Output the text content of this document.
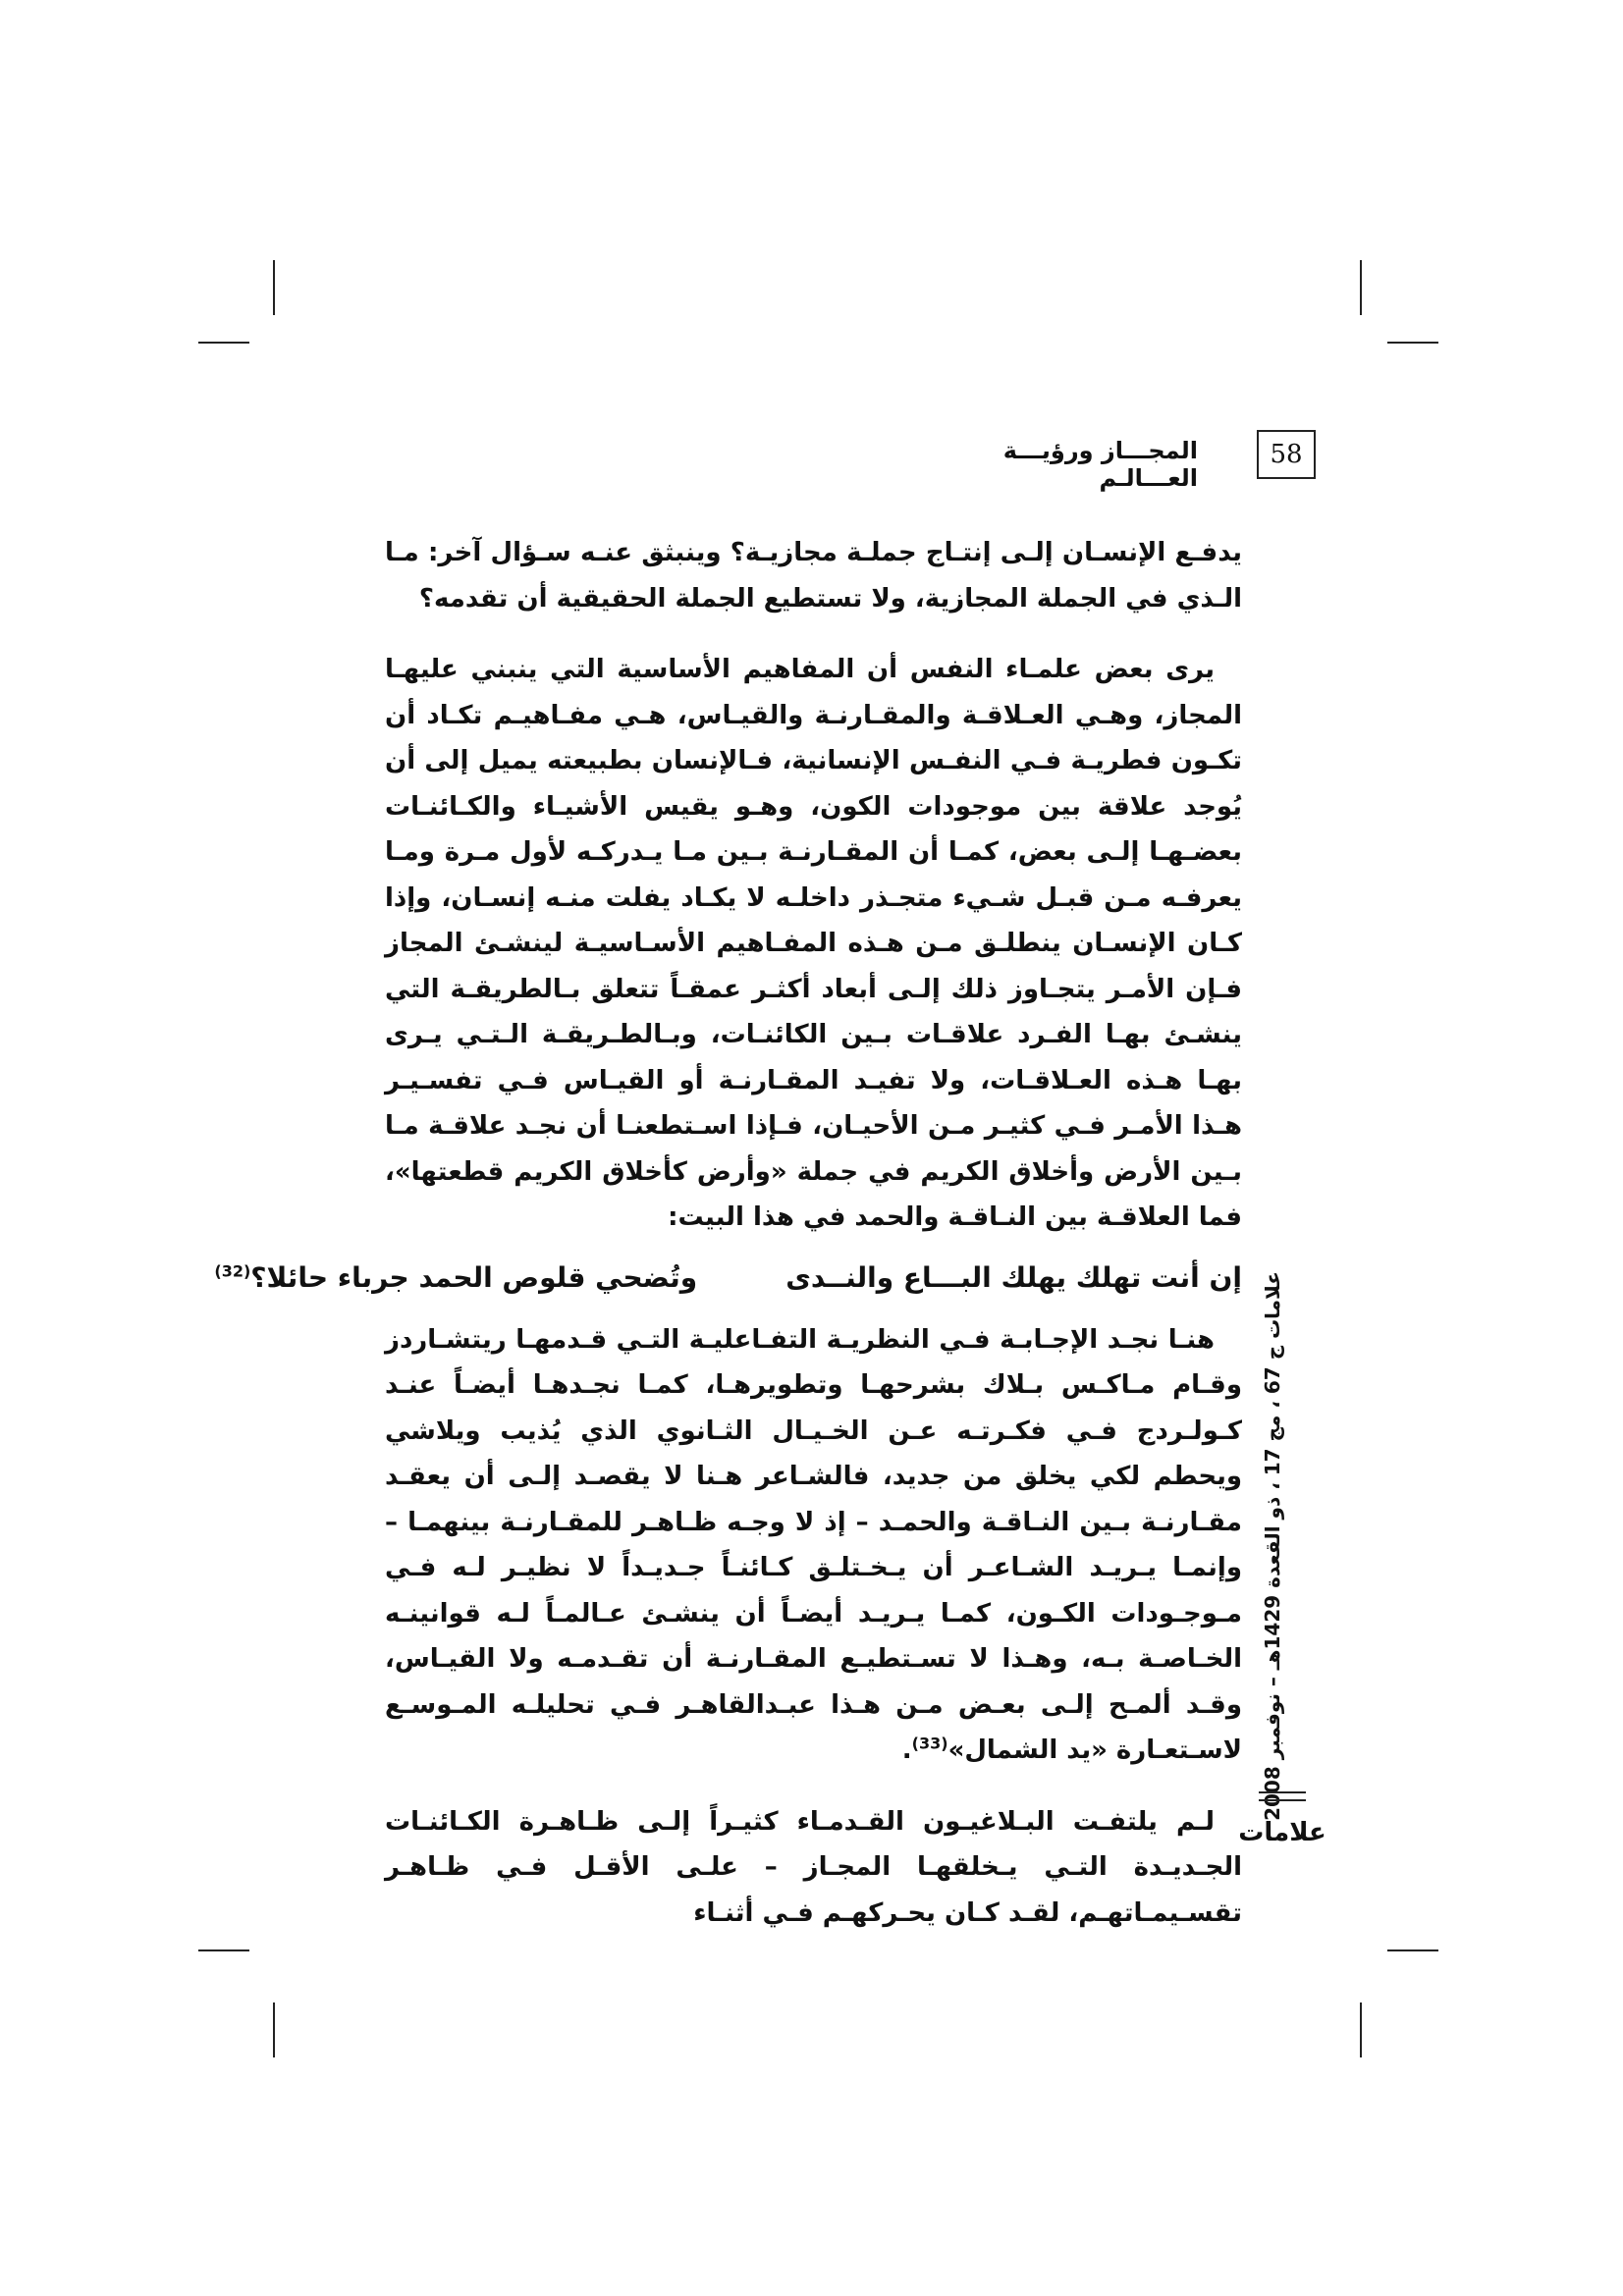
المجـــاز ورؤيـــة العـــالـم
58

يدفـع الإنسـان إلـى إنتـاج جملـة مجازيـة؟ وينبثق عنـه سـؤال آخر: مـا الـذي في الجملة المجازية، ولا تستطيع الجملة الحقيقية أن تقدمه؟

يرى بعض علمـاء النفس أن المفاهيم الأساسية التي ينبني عليهـا المجاز، وهـي العـلاقـة والمقـارنـة والقيـاس، هـي مفـاهيـم تكـاد أن تكـون فطريـة فـي النفـس الإنسانية، فـالإنسان بطبيعته يميل إلى أن يُوجد علاقة بين موجودات الكون، وهـو يقيس الأشيـاء والكـائنـات بعضـهـا إلـى بعض، كمـا أن المقـارنـة بـين مـا يـدركـه لأول مـرة ومـا يعرفـه مـن قبـل شـيء متجـذر داخلـه لا يكـاد يفلت منـه إنسـان، وإذا كـان الإنسـان ينطلـق مـن هـذه المفـاهيم الأسـاسيـة لينشـئ المجاز فـإن الأمـر يتجـاوز ذلك إلـى أبعاد أكثـر عمقـاً تتعلق بـالطريقـة التي ينشـئ بهـا الفـرد علاقـات بـين الكائنـات، وبـالطـريقـة الـتـي يـرى بهـا هـذه العـلاقـات، ولا تفيـد المقـارنـة أو القيـاس فـي تفسـيـر هـذا الأمـر فـي كثيـر مـن الأحيـان، فـإذا اسـتطعنـا أن نجـد علاقـة مـا بـين الأرض وأخلاق الكريم في جملة «وأرض كأخلاق الكريم قطعتها»، فما العلاقـة بين النـاقـة والحمد في هذا البيت:

إن أنت تهلك يهلك البـــاع والنــدى
وتُضحي قلوص الحمد جرباء حائلا؟$^{(32)}$

هنـا نجـد الإجـابـة فـي النظريـة التفـاعليـة التـي قـدمهـا ريتشـاردز وقـام مـاكـس بـلاك بشرحهـا وتطويرهـا، كمـا نجـدهـا أيضـاً عنـد كـولـردج فـي فكـرتـه عـن الخـيـال الثـانوي الذي يُذيب ويلاشي ويحطم لكي يخلق من جديد، فالشـاعر هـنا لا يقصـد إلـى أن يعقـد مقـارنـة بـين النـاقـة والحمـد – إذ لا وجـه ظـاهـر للمقـارنـة بينهمـا – وإنمـا يـريـد الشـاعـر أن يـخـتلـق كـائنـاً جـديـداً لا نظيـر لـه فـي مـوجـودات الكـون، كمـا يـريـد أيضـاً أن ينشـئ عـالمـاً لـه قوانينـه الخـاصـة بـه، وهـذا لا تسـتطيـع المقـارنـة أن تقـدمـه ولا القيـاس، وقـد ألمـح إلـى بعـض مـن هـذا عبـدالقاهـر فـي تحليلـه المـوسـع لاسـتعـارة «يد الشمال»$^{(33)}$.

لـم يلتفـت البـلاغيـون القـدمـاء كثيـراً إلـى ظـاهـرة الكـائنـات الجـديـدة التـي يـخلقهـا المجـاز – علـى الأقـل فـي ظـاهـر تقسـيمـاتهـم، لقـد كـان يحـركهـم فـي أثنـاء

علامات ج 67 ، مج 17 ، ذو القعدة 1429هـ – نوفمبر 2008
علامات
